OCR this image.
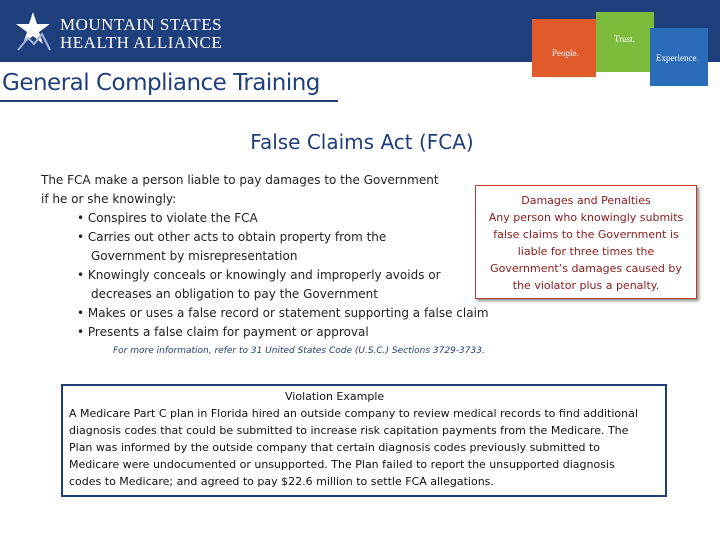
MOUNTAIN STATES
HEALTH ALLIANCE
People.
Trust.
Experience.
General Compliance Training
False Claims Act (FCA)
The FCA make a person liable to pay damages to the Government
if he or she knowingly:
• Conspires to violate the FCA
• Carries out other acts to obtain property from the
Government by misrepresentation
• Knowingly conceals or knowingly and improperly avoids or
decreases an obligation to pay the Government
• Makes or uses a false record or statement supporting a false claim
• Presents a false claim for payment or approval
Damages and Penalties
Any person who knowingly submits
false claims to the Government is
liable for three times the
Government’s damages caused by
the violator plus a penalty.
For more information, refer to 31 United States Code (U.S.C.) Sections 3729-3733.
Violation Example
A Medicare Part C plan in Florida hired an outside company to review medical records to find additional
diagnosis codes that could be submitted to increase risk capitation payments from the Medicare. The
Plan was informed by the outside company that certain diagnosis codes previously submitted to
Medicare were undocumented or unsupported. The Plan failed to report the unsupported diagnosis
codes to Medicare; and agreed to pay $22.6 million to settle FCA allegations.
